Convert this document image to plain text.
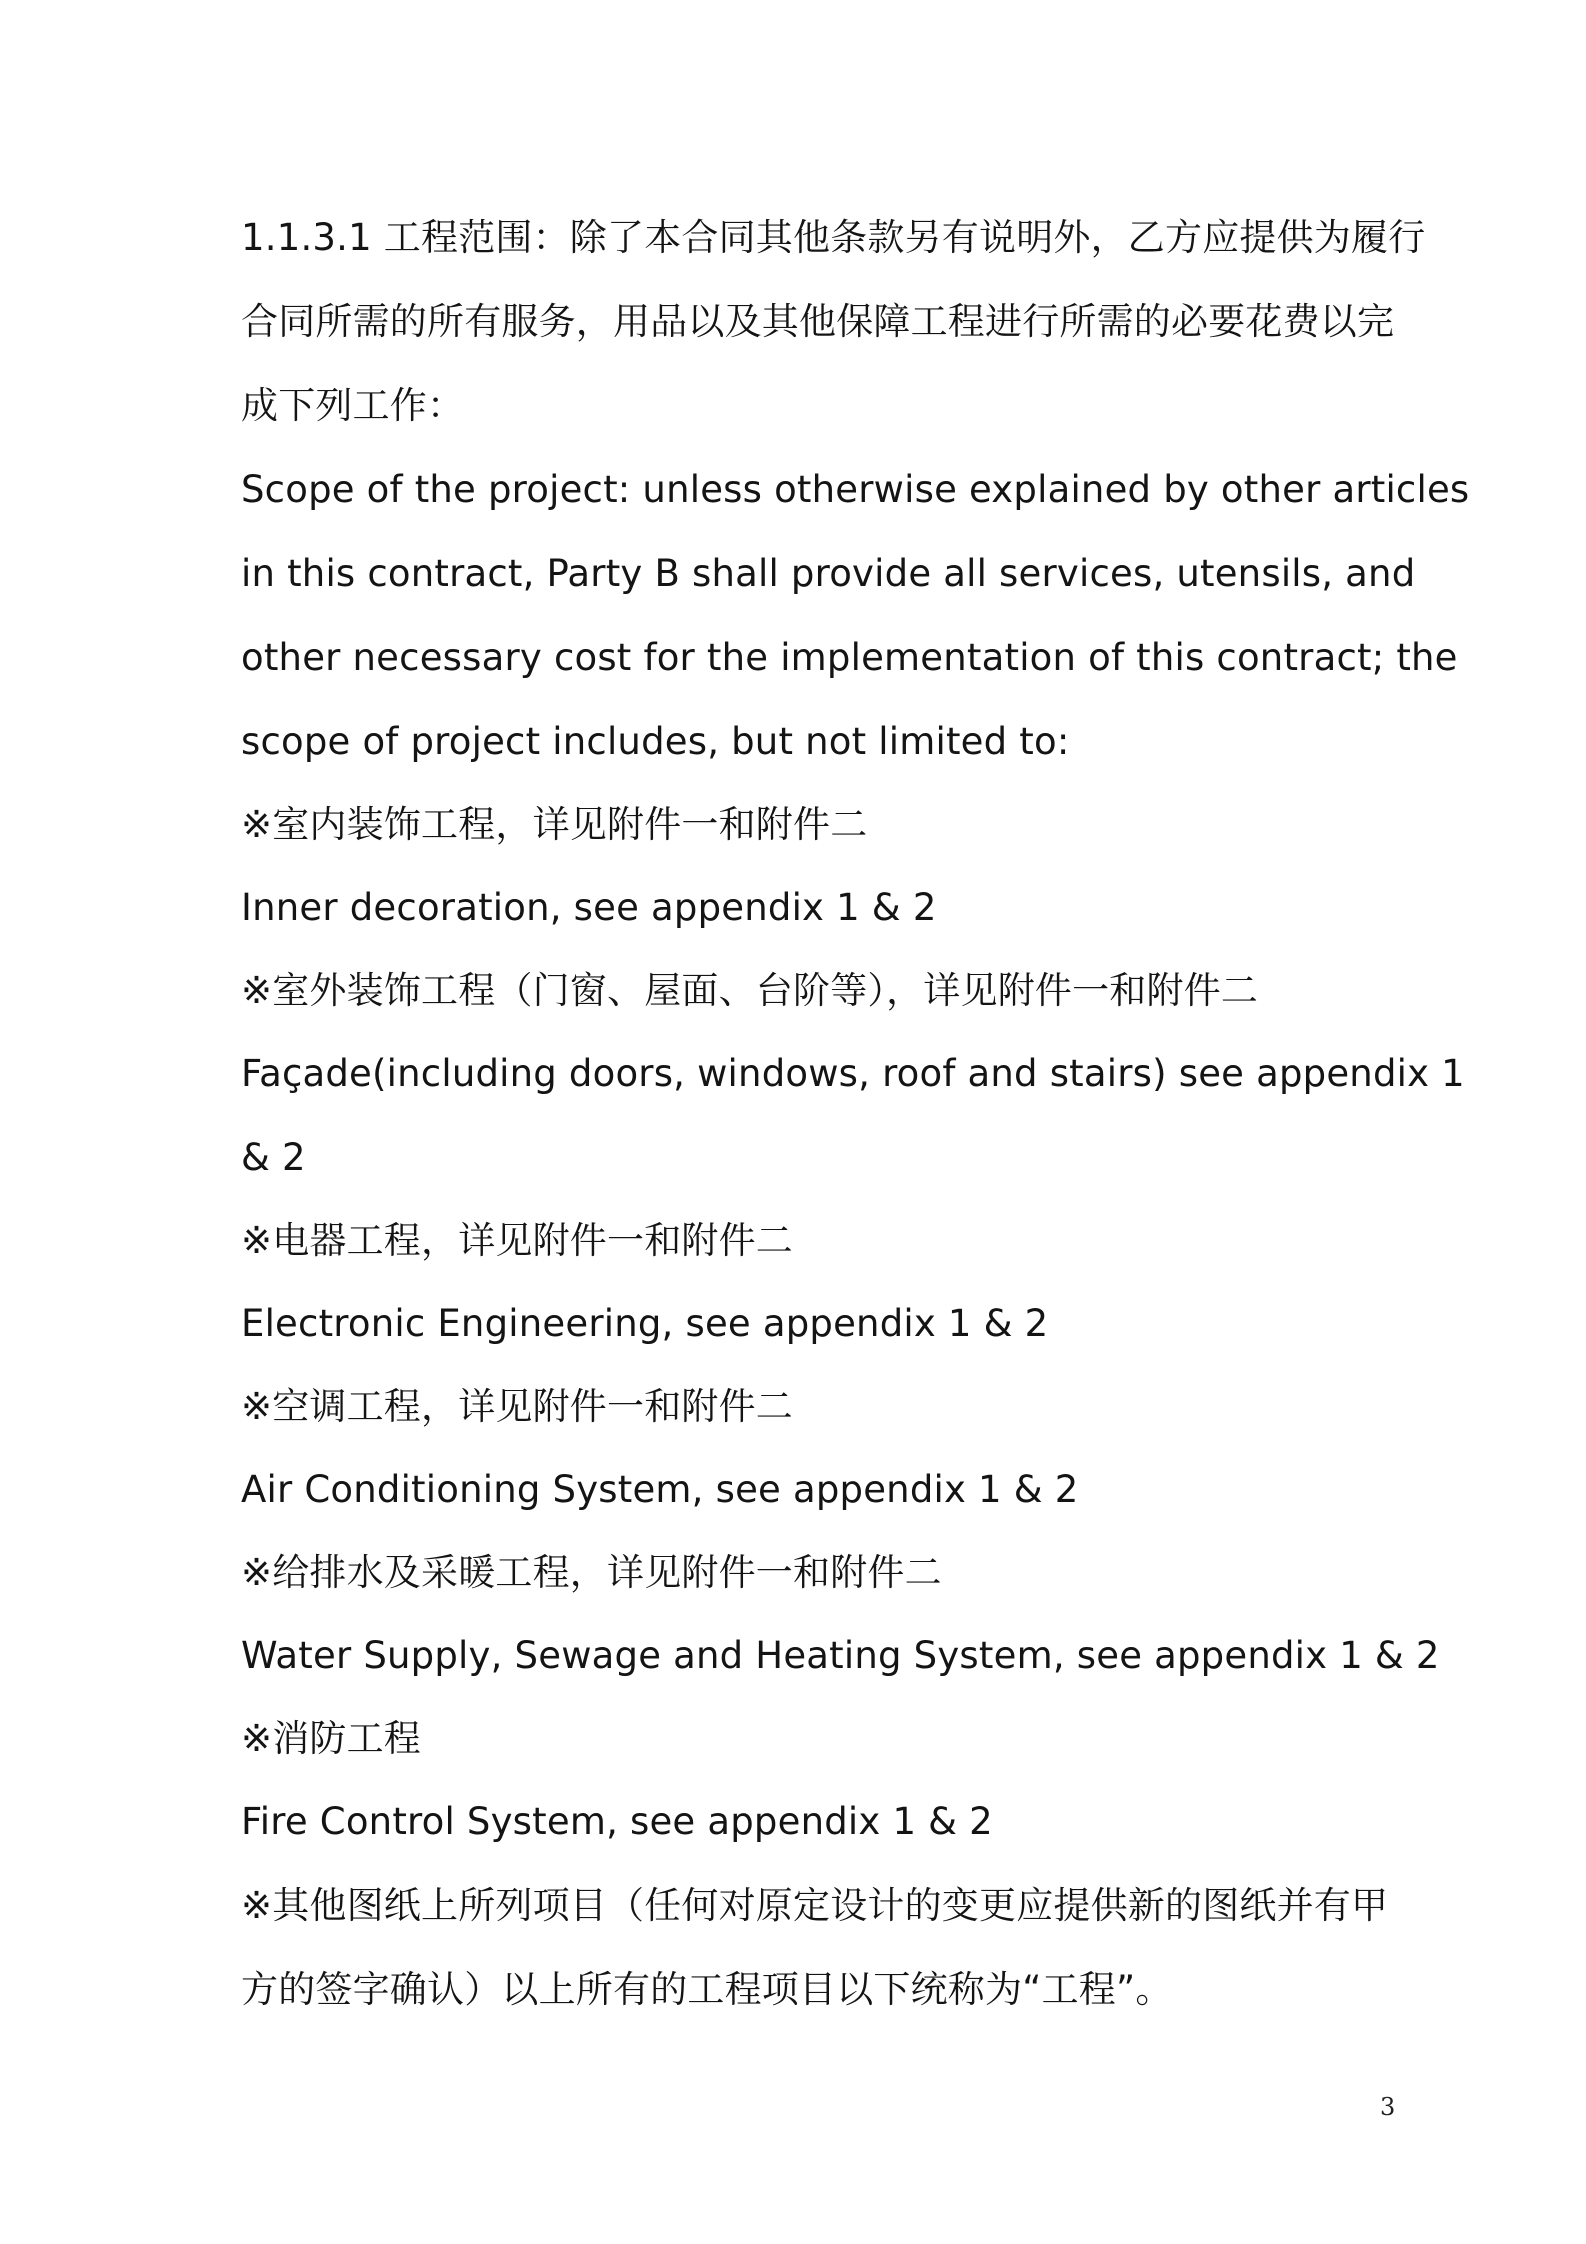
1.1.3.1 工程范围：除了本合同其他条款另有说明外，乙方应提供为履行
合同所需的所有服务，用品以及其他保障工程进行所需的必要花费以完
成下列工作：
Scope of the project: unless otherwise explained by other articles
in this contract, Party B shall provide all services, utensils, and
other necessary cost for the implementation of this contract; the
scope of project includes, but not limited to:
※室内装饰工程，详见附件一和附件二
Inner decoration, see appendix 1 & 2
※室外装饰工程（门窗、屋面、台阶等），详见附件一和附件二
Façade(including doors, windows, roof and stairs) see appendix 1
& 2
※电器工程，详见附件一和附件二
Electronic Engineering, see appendix 1 & 2
※空调工程，详见附件一和附件二
Air Conditioning System, see appendix 1 & 2
※给排水及采暖工程，详见附件一和附件二
Water Supply, Sewage and Heating System, see appendix 1 & 2
※消防工程
Fire Control System, see appendix 1 & 2
※其他图纸上所列项目（任何对原定设计的变更应提供新的图纸并有甲
方的签字确认）以上所有的工程项目以下统称为“工程”。
3
